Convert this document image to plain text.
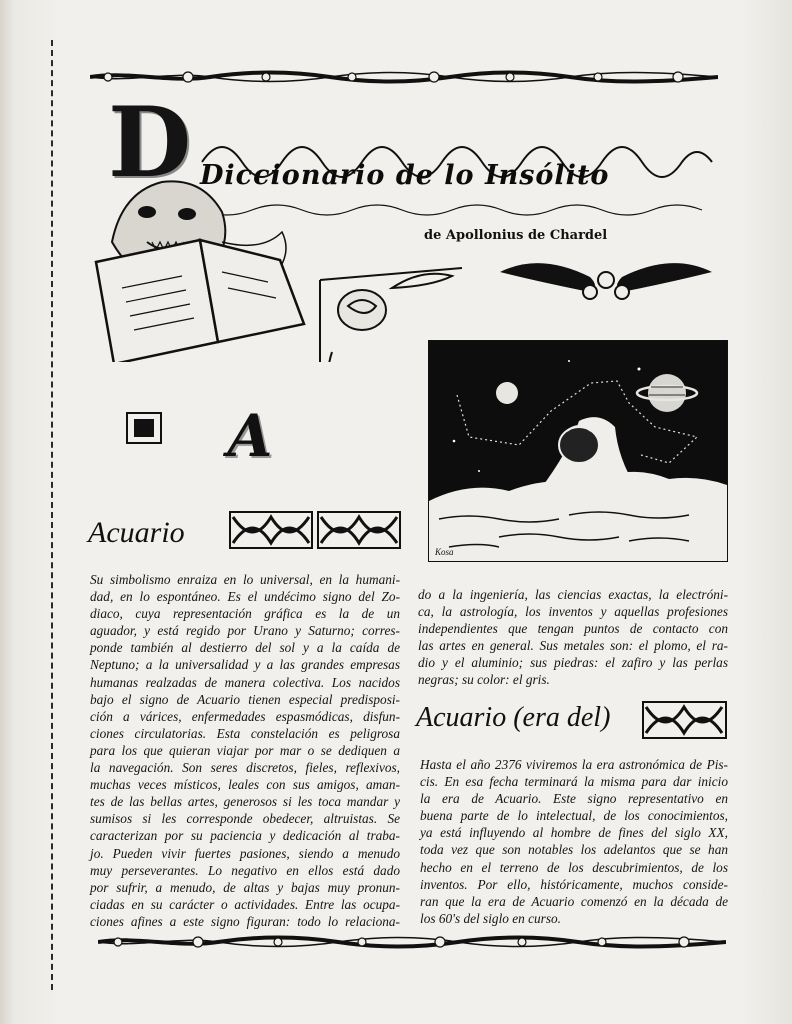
D Diccionario de lo Insólito
de Apollonius de Chardel
Kosa
A
Acuario
Su simbolismo enraiza en lo universal, en la humani-
dad, en lo espontáneo. Es el undécimo signo del Zo-
diaco, cuya representación gráfica es la de un
aguador, y está regido por Urano y Saturno; corres-
ponde también al destierro del sol y a la caída de
Neptuno; a la universalidad y a las grandes empresas
humanas realzadas de manera colectiva. Los nacidos
bajo el signo de Acuario tienen especial predisposi-
ción a várices, enfermedades espasmódicas, disfun-
ciones circulatorias. Esta constelación es peligrosa
para los que quieran viajar por mar o se dediquen a
la navegación. Son seres discretos, fieles, reflexivos,
muchas veces místicos, leales con sus amigos, aman-
tes de las bellas artes, generosos si les toca mandar y
sumisos si les corresponde obedecer, altruistas. Se
caracterizan por su paciencia y dedicación al traba-
jo. Pueden vivir fuertes pasiones, siendo a menudo
muy perseverantes. Lo negativo en ellos está dado
por sufrir, a menudo, de altas y bajas muy pronun-
ciadas en su carácter o actividades. Entre las ocupa-
ciones afines a este signo figuran: todo lo relaciona-
do a la ingeniería, las ciencias exactas, la electróni-
ca, la astrología, los inventos y aquellas profesiones
independientes que tengan puntos de contacto con
las artes en general. Sus metales son: el plomo, el ra-
dio y el aluminio; sus piedras: el zafiro y las perlas
negras; su color: el gris.
Acuario (era del)
Hasta el año 2376 viviremos la era astronómica de Pis-
cis. En esa fecha terminará la misma para dar inicio
la era de Acuario. Este signo representativo en
buena parte de lo intelectual, de los conocimientos,
ya está influyendo al hombre de fines del siglo XX,
toda vez que son notables los adelantos que se han
hecho en el terreno de los descubrimientos, de los
inventos. Por ello, históricamente, muchos conside-
ran que la era de Acuario comenzó en la década de
los 60's del siglo en curso.
